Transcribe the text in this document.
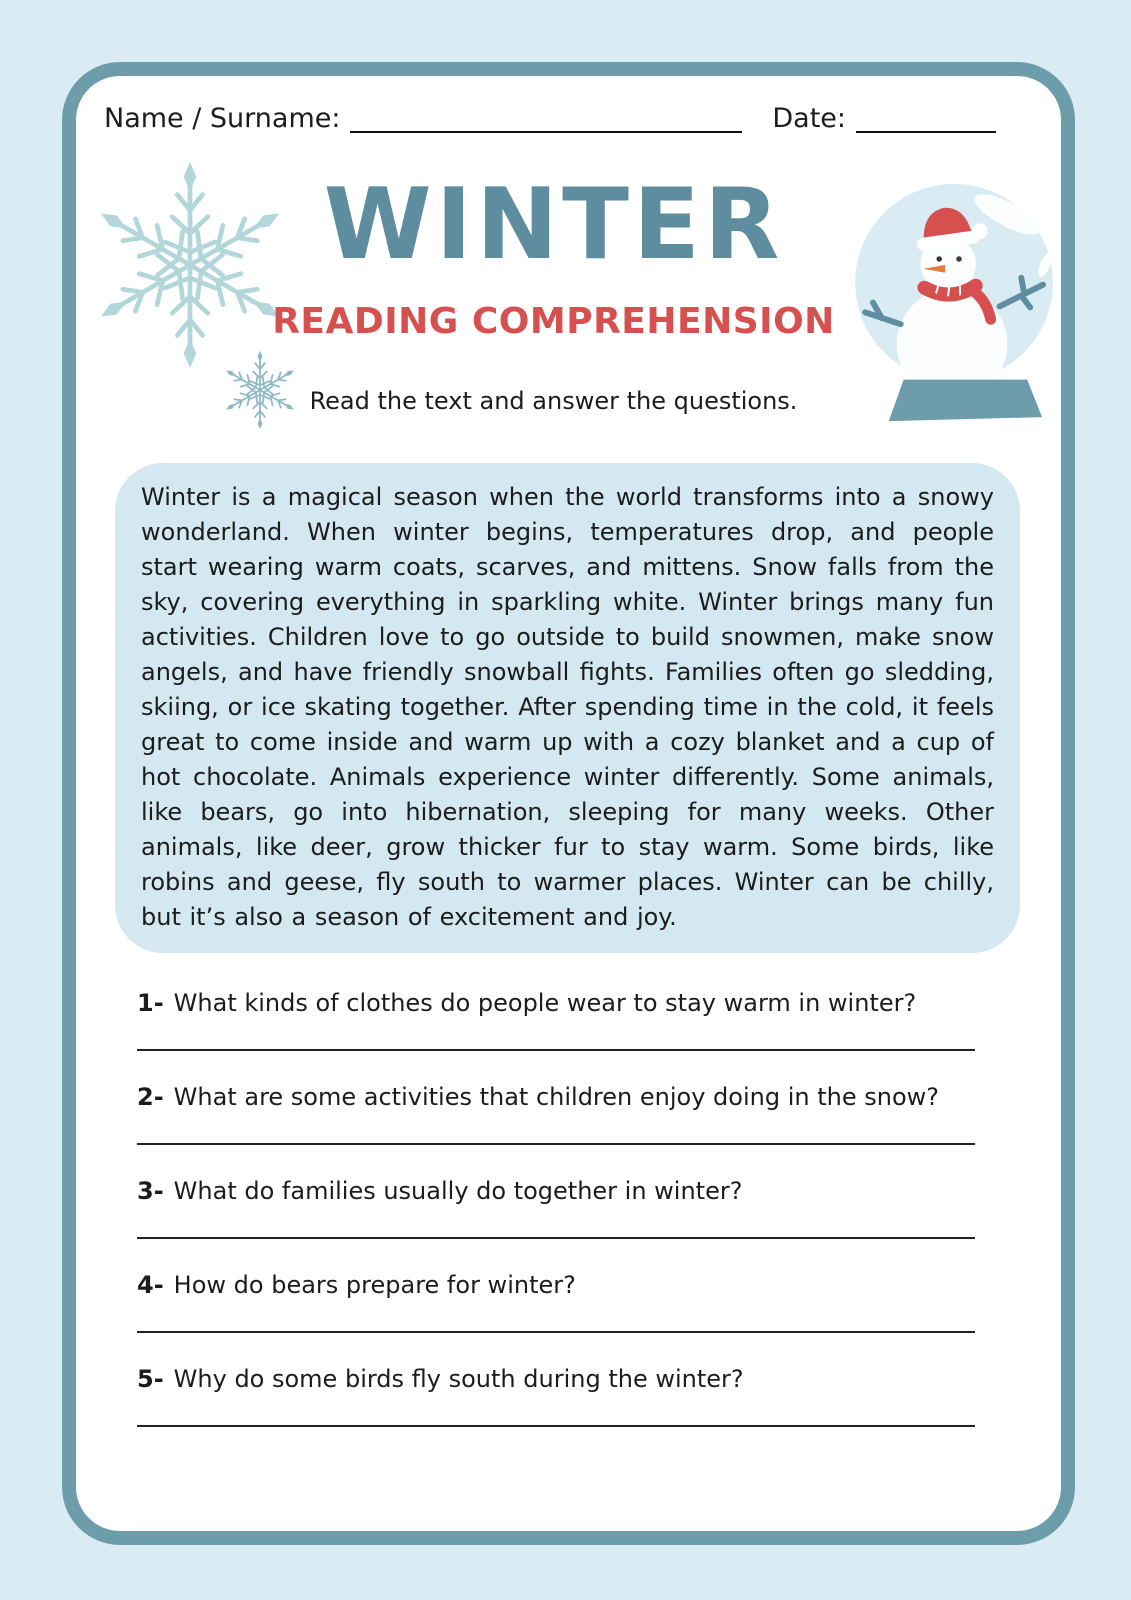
Name / Surname:	Date:
WINTER
READING COMPREHENSION

Read the text and answer the questions.

Winter is a magical season when the world transforms into a snowy wonderland. When winter begins, temperatures drop, and people start wearing warm coats, scarves, and mittens. Snow falls from the sky, covering everything in sparkling white. Winter brings many fun activities. Children love to go outside to build snowmen, make snow angels, and have friendly snowball fights. Families often go sledding, skiing, or ice skating together. After spending time in the cold, it feels great to come inside and warm up with a cozy blanket and a cup of hot chocolate. Animals experience winter differently. Some animals, like bears, go into hibernation, sleeping for many weeks. Other animals, like deer, grow thicker fur to stay warm. Some birds, like robins and geese, fly south to warmer places. Winter can be chilly, but it’s also a season of excitement and joy.

1- What kinds of clothes do people wear to stay warm in winter?

2- What are some activities that children enjoy doing in the snow?

3- What do families usually do together in winter?

4- How do bears prepare for winter?

5- Why do some birds fly south during the winter?
